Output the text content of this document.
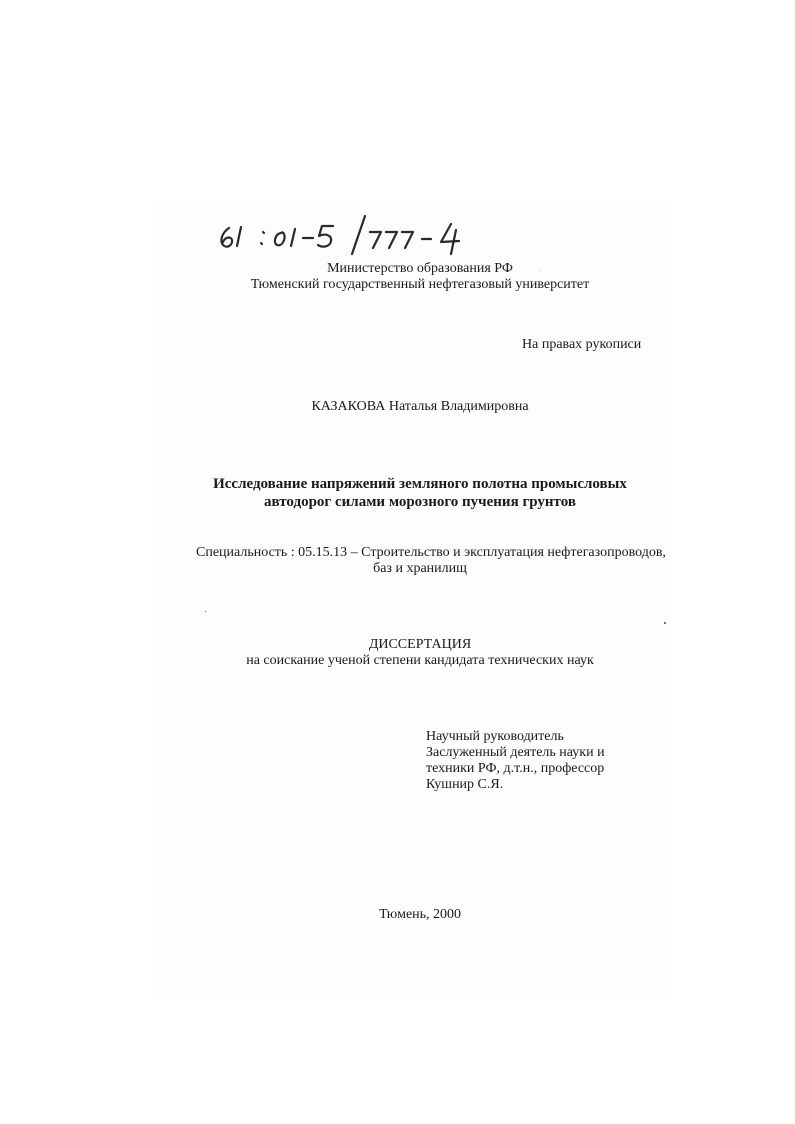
Министерство образования РФ
Тюменский государственный нефтегазовый университет
На правах рукописи
КАЗАКОВА Наталья Владимировна
Исследование напряжений земляного полотна промысловых
автодорог силами морозного пучения грунтов
Специальность : 05.15.13 – Строительство и эксплуатация нефтегазопроводов,
баз и хранилищ
ДИССЕРТАЦИЯ
на соискание ученой степени кандидата технических наук
Научный руководитель
Заслуженный деятель науки и
техники РФ, д.т.н., профессор
Кушнир С.Я.
Тюмень, 2000
